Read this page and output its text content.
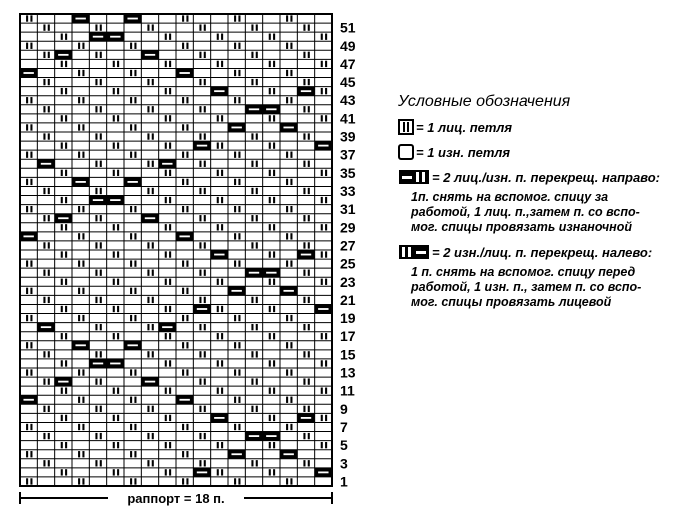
51
49
47
45
43
41
39
37
35
33
31
29
27
25
23
21
19
17
15
13
11
9
7
5
3
1
раппорт = 18 п.
Условные обозначения
= 1 лиц. петля
= 1 изн. петля
= 2 лиц./изн. п. перекрещ. направо:
1п. снять на вспомог. спицу за
работой, 1 лиц. п.,затем п. со вспо-
мог. спицы провязать изнаночной
= 2 изн./лиц. п. перекрещ. налево:
1 п. снять на вспомог. спицу перед
работой, 1 изн. п., затем п. со вспо-
мог. спицы провязать лицевой
